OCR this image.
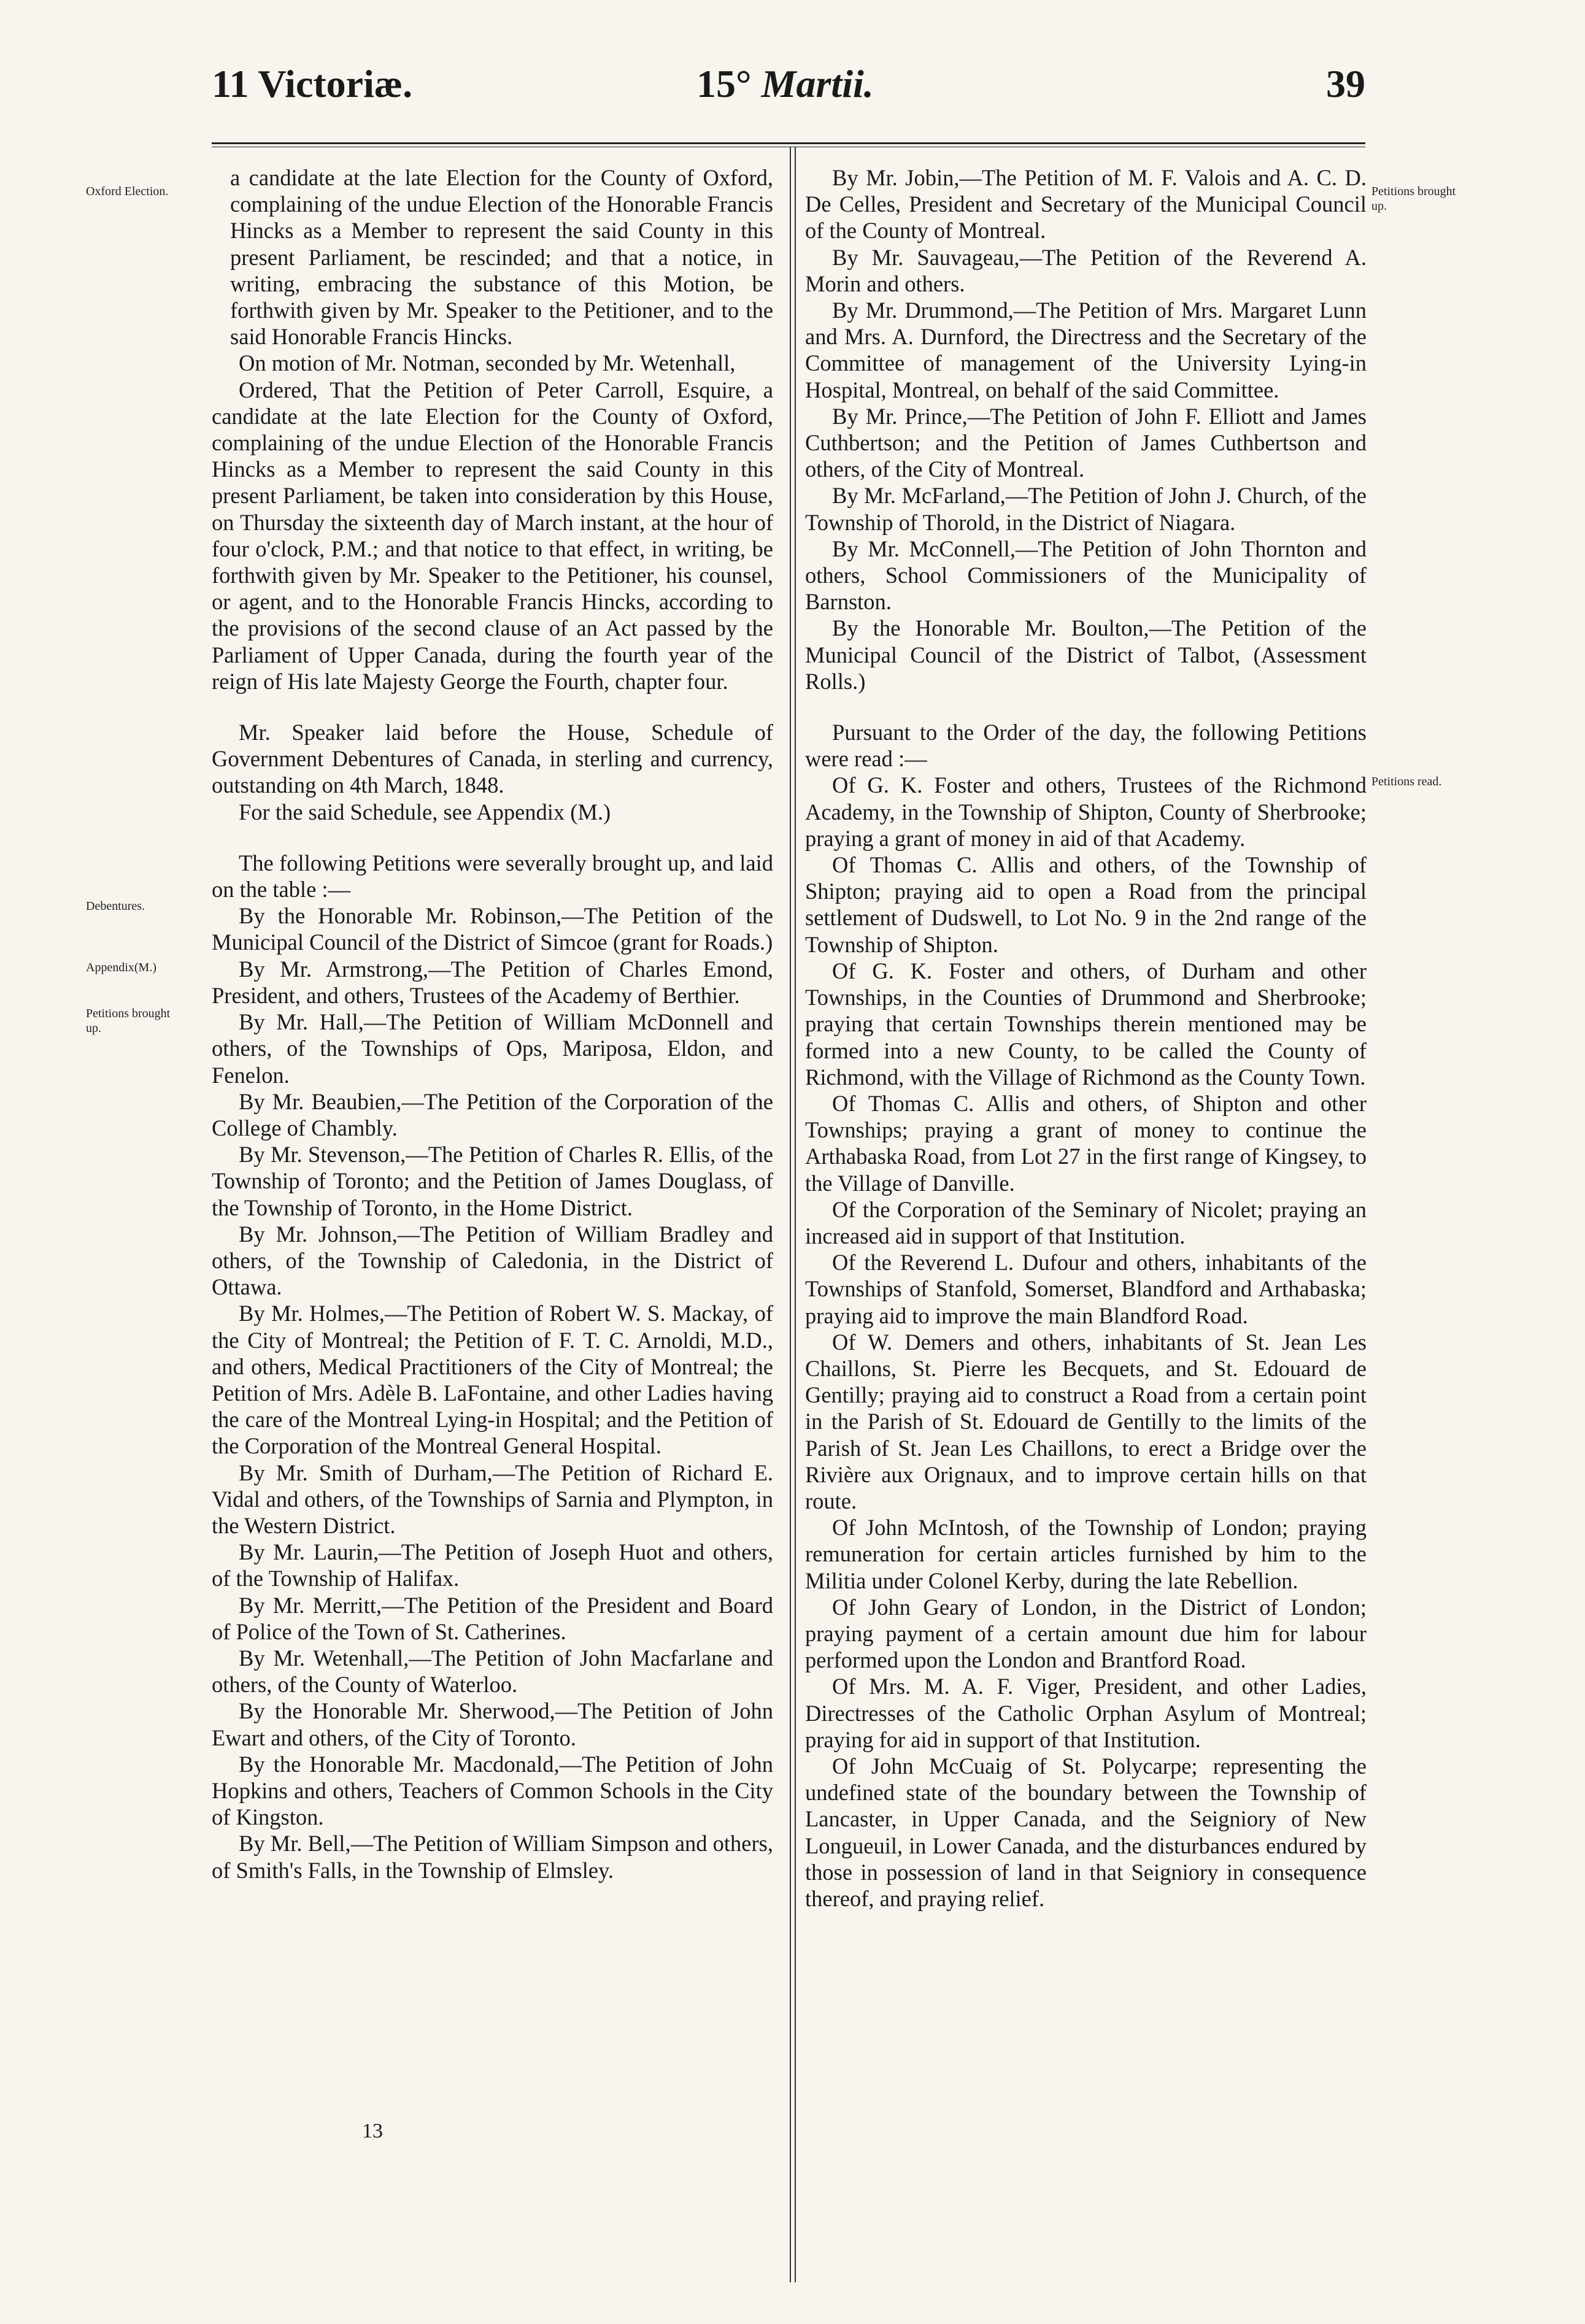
11 Victoriæ.	15° Martii.	39
Oxford Election.
Debentures.
Appendix(M.)
Petitions brought up.
Petitions brought up.
Petitions read.

a candidate at the late Election for the County of Oxford, complaining of the undue Election of the Honorable Francis Hincks as a Member to represent the said County in this present Parliament, be rescinded; and that a notice, in writing, embracing the substance of this Motion, be forthwith given by Mr. Speaker to the Petitioner, and to the said Honorable Francis Hincks.

On motion of Mr. Notman, seconded by Mr. Wetenhall,

Ordered, That the Petition of Peter Carroll, Esquire, a candidate at the late Election for the County of Oxford, complaining of the undue Election of the Honorable Francis Hincks as a Member to represent the said County in this present Parliament, be taken into consideration by this House, on Thursday the sixteenth day of March instant, at the hour of four o'clock, P.M.; and that notice to that effect, in writing, be forthwith given by Mr. Speaker to the Petitioner, his counsel, or agent, and to the Honorable Francis Hincks, according to the provisions of the second clause of an Act passed by the Parliament of Upper Canada, during the fourth year of the reign of His late Majesty George the Fourth, chapter four.

Mr. Speaker laid before the House, Schedule of Government Debentures of Canada, in sterling and currency, outstanding on 4th March, 1848.

For the said Schedule, see Appendix (M.)

The following Petitions were severally brought up, and laid on the table :—

By the Honorable Mr. Robinson,—The Petition of the Municipal Council of the District of Simcoe (grant for Roads.)

By Mr. Armstrong,—The Petition of Charles Emond, President, and others, Trustees of the Academy of Berthier.

By Mr. Hall,—The Petition of William McDonnell and others, of the Townships of Ops, Mariposa, Eldon, and Fenelon.

By Mr. Beaubien,—The Petition of the Corporation of the College of Chambly.

By Mr. Stevenson,—The Petition of Charles R. Ellis, of the Township of Toronto; and the Petition of James Douglass, of the Township of Toronto, in the Home District.

By Mr. Johnson,—The Petition of William Bradley and others, of the Township of Caledonia, in the District of Ottawa.

By Mr. Holmes,—The Petition of Robert W. S. Mackay, of the City of Montreal; the Petition of F. T. C. Arnoldi, M.D., and others, Medical Practitioners of the City of Montreal; the Petition of Mrs. Adèle B. LaFontaine, and other Ladies having the care of the Montreal Lying-in Hospital; and the Petition of the Corporation of the Montreal General Hospital.

By Mr. Smith of Durham,—The Petition of Richard E. Vidal and others, of the Townships of Sarnia and Plympton, in the Western District.

By Mr. Laurin,—The Petition of Joseph Huot and others, of the Township of Halifax.

By Mr. Merritt,—The Petition of the President and Board of Police of the Town of St. Catherines.

By Mr. Wetenhall,—The Petition of John Macfarlane and others, of the County of Waterloo.

By the Honorable Mr. Sherwood,—The Petition of John Ewart and others, of the City of Toronto.

By the Honorable Mr. Macdonald,—The Petition of John Hopkins and others, Teachers of Common Schools in the City of Kingston.

By Mr. Bell,—The Petition of William Simpson and others, of Smith's Falls, in the Township of Elmsley.

By Mr. Jobin,—The Petition of M. F. Valois and A. C. D. De Celles, President and Secretary of the Municipal Council of the County of Montreal.

By Mr. Sauvageau,—The Petition of the Reverend A. Morin and others.

By Mr. Drummond,—The Petition of Mrs. Margaret Lunn and Mrs. A. Durnford, the Directress and the Secretary of the Committee of management of the University Lying-in Hospital, Montreal, on behalf of the said Committee.

By Mr. Prince,—The Petition of John F. Elliott and James Cuthbertson; and the Petition of James Cuthbertson and others, of the City of Montreal.

By Mr. McFarland,—The Petition of John J. Church, of the Township of Thorold, in the District of Niagara.

By Mr. McConnell,—The Petition of John Thornton and others, School Commissioners of the Municipality of Barnston.

By the Honorable Mr. Boulton,—The Petition of the Municipal Council of the District of Talbot, (Assessment Rolls.)

Pursuant to the Order of the day, the following Petitions were read :—

Of G. K. Foster and others, Trustees of the Richmond Academy, in the Township of Shipton, County of Sherbrooke; praying a grant of money in aid of that Academy.

Of Thomas C. Allis and others, of the Township of Shipton; praying aid to open a Road from the principal settlement of Dudswell, to Lot No. 9 in the 2nd range of the Township of Shipton.

Of G. K. Foster and others, of Durham and other Townships, in the Counties of Drummond and Sherbrooke; praying that certain Townships therein mentioned may be formed into a new County, to be called the County of Richmond, with the Village of Richmond as the County Town.

Of Thomas C. Allis and others, of Shipton and other Townships; praying a grant of money to continue the Arthabaska Road, from Lot 27 in the first range of Kingsey, to the Village of Danville.

Of the Corporation of the Seminary of Nicolet; praying an increased aid in support of that Institution.

Of the Reverend L. Dufour and others, inhabitants of the Townships of Stanfold, Somerset, Blandford and Arthabaska; praying aid to improve the main Blandford Road.

Of W. Demers and others, inhabitants of St. Jean Les Chaillons, St. Pierre les Becquets, and St. Edouard de Gentilly; praying aid to construct a Road from a certain point in the Parish of St. Edouard de Gentilly to the limits of the Parish of St. Jean Les Chaillons, to erect a Bridge over the Rivière aux Orignaux, and to improve certain hills on that route.

Of John McIntosh, of the Township of London; praying remuneration for certain articles furnished by him to the Militia under Colonel Kerby, during the late Rebellion.

Of John Geary of London, in the District of London; praying payment of a certain amount due him for labour performed upon the London and Brantford Road.

Of Mrs. M. A. F. Viger, President, and other Ladies, Directresses of the Catholic Orphan Asylum of Montreal; praying for aid in support of that Institution.

Of John McCuaig of St. Polycarpe; representing the undefined state of the boundary between the Township of Lancaster, in Upper Canada, and the Seigniory of New Longueuil, in Lower Canada, and the disturbances endured by those in possession of land in that Seigniory in consequence thereof, and praying relief.

13
